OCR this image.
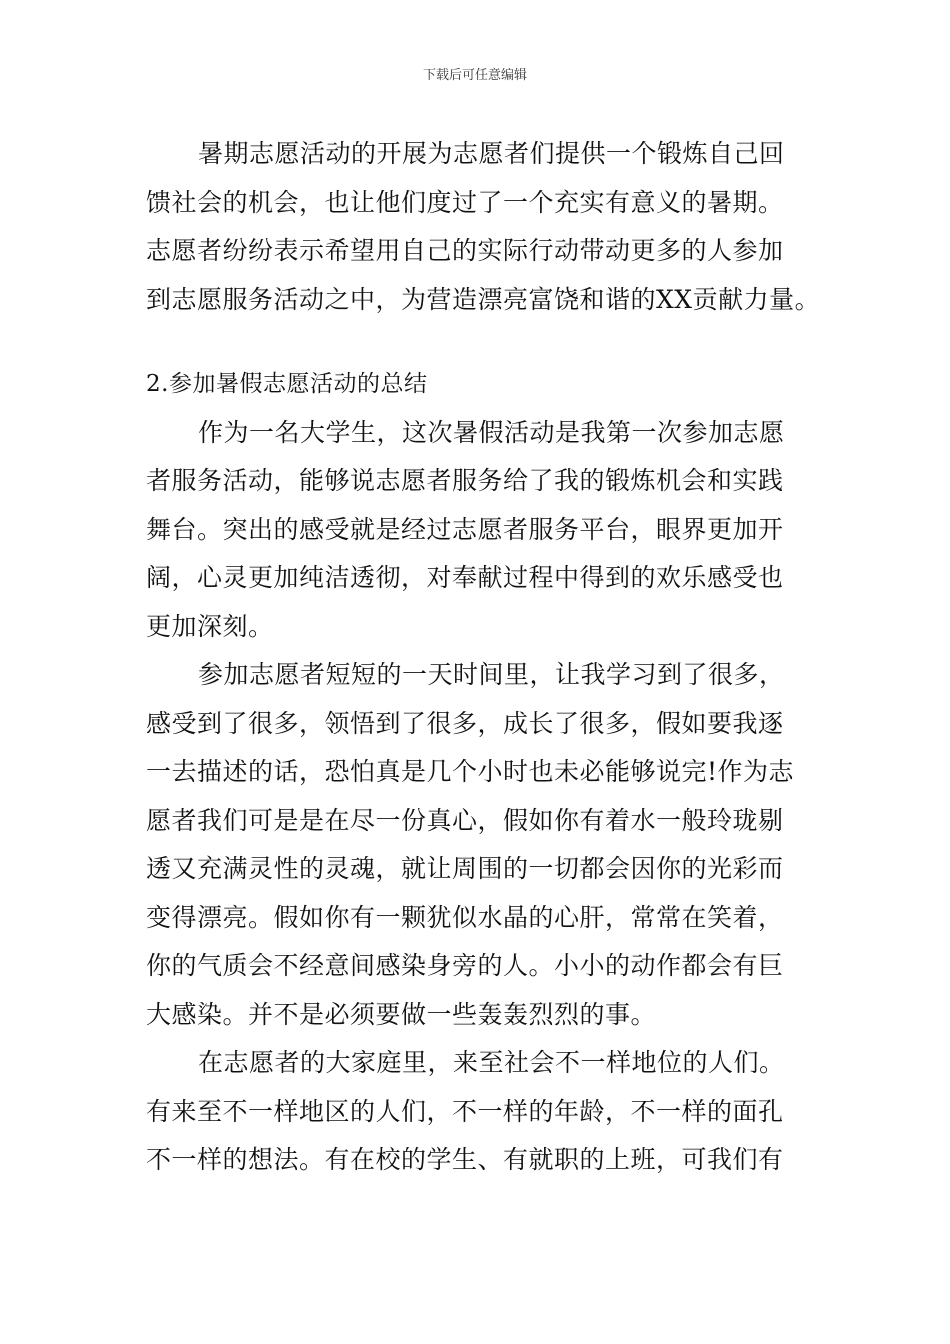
下载后可任意编辑
暑期志愿活动的开展为志愿者们提供一个锻炼自己回
馈社会的机会，也让他们度过了一个充实有意义的暑期。
志愿者纷纷表示希望用自己的实际行动带动更多的人参加
到志愿服务活动之中，为营造漂亮富饶和谐的XX贡献力量。
2.参加暑假志愿活动的总结
作为一名大学生，这次暑假活动是我第一次参加志愿
者服务活动，能够说志愿者服务给了我的锻炼机会和实践
舞台。突出的感受就是经过志愿者服务平台，眼界更加开
阔，心灵更加纯洁透彻，对奉献过程中得到的欢乐感受也
更加深刻。
参加志愿者短短的一天时间里，让我学习到了很多，
感受到了很多，领悟到了很多，成长了很多，假如要我逐
一去描述的话，恐怕真是几个小时也未必能够说完!作为志
愿者我们可是是在尽一份真心，假如你有着水一般玲珑剔
透又充满灵性的灵魂，就让周围的一切都会因你的光彩而
变得漂亮。假如你有一颗犹似水晶的心肝，常常在笑着，
你的气质会不经意间感染身旁的人。小小的动作都会有巨
大感染。并不是必须要做一些轰轰烈烈的事。
在志愿者的大家庭里，来至社会不一样地位的人们。
有来至不一样地区的人们，不一样的年龄，不一样的面孔
不一样的想法。有在校的学生、有就职的上班，可我们有
